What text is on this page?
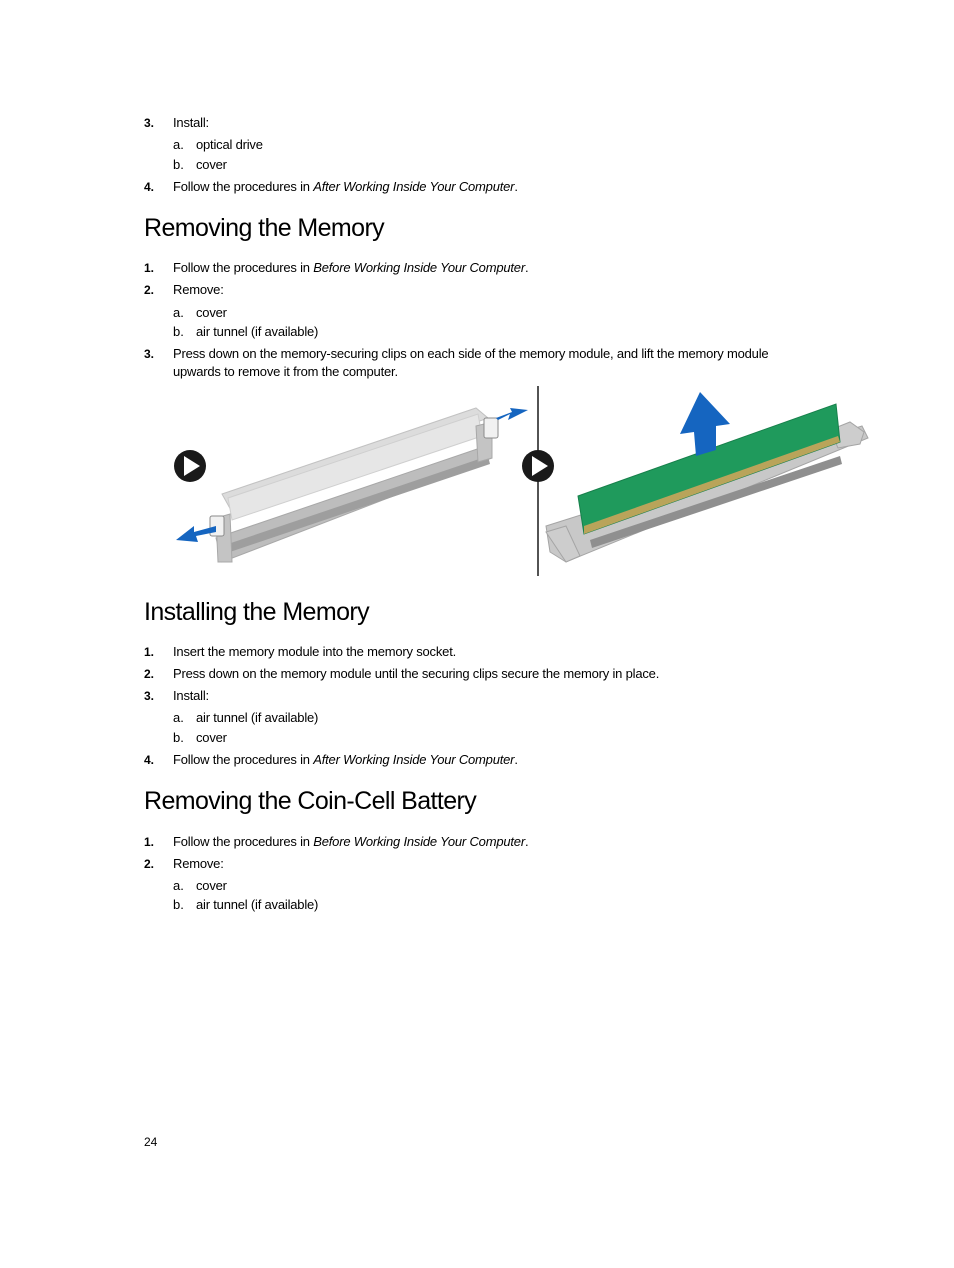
3. Install:
a. optical drive
b. cover
4. Follow the procedures in After Working Inside Your Computer.
Removing the Memory
1. Follow the procedures in Before Working Inside Your Computer.
2. Remove:
a. cover
b. air tunnel (if available)
3. Press down on the memory-securing clips on each side of the memory module, and lift the memory module
upwards to remove it from the computer.
Installing the Memory
1. Insert the memory module into the memory socket.
2. Press down on the memory module until the securing clips secure the memory in place.
3. Install:
a. air tunnel (if available)
b. cover
4. Follow the procedures in After Working Inside Your Computer.
Removing the Coin-Cell Battery
1. Follow the procedures in Before Working Inside Your Computer.
2. Remove:
a. cover
b. air tunnel (if available)
24
